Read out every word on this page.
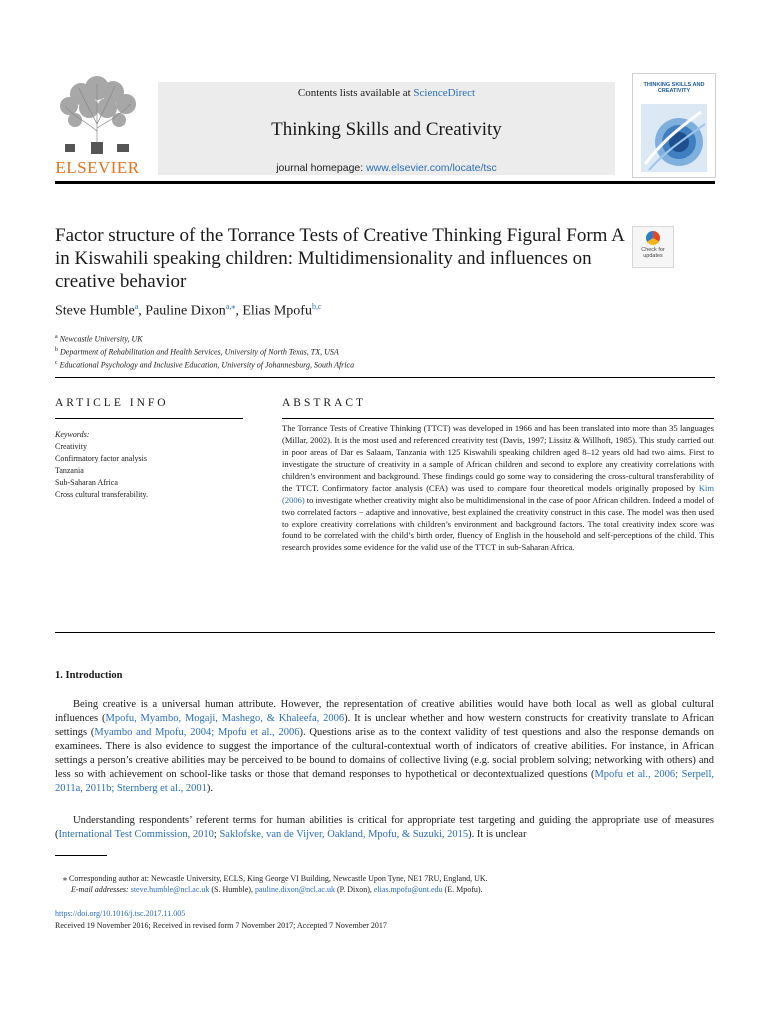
ELSEVIER
Contents lists available at ScienceDirect
Thinking Skills and Creativity
journal homepage: www.elsevier.com/locate/tsc
THINKING SKILLS AND CREATIVITY
Factor structure of the Torrance Tests of Creative Thinking Figural Form A in Kiswahili speaking children: Multidimensionality and influences on creative behavior
Check for updates
Steve Humble$^a$, Pauline Dixon$^{a,⁎}$, Elias Mpofu$^{b,c}$
$^a$ Newcastle University, UK
$^b$ Department of Rehabilitation and Health Services, University of North Texas, TX, USA
$^c$ Educational Psychology and Inclusive Education, University of Johannesburg, South Africa
ARTICLE INFO
Keywords:
Creativity
Confirmatory factor analysis
Tanzania
Sub-Saharan Africa
Cross cultural transferability.
ABSTRACT
The Torrance Tests of Creative Thinking (TTCT) was developed in 1966 and has been translated into more than 35 languages (Millar, 2002). It is the most used and referenced creativity test (Davis, 1997; Lissitz & Willhoft, 1985). This study carried out in poor areas of Dar es Salaam, Tanzania with 125 Kiswahili speaking children aged 8–12 years old had two aims. First to investigate the structure of creativity in a sample of African children and second to explore any creativity correlations with children’s environment and background. These findings could go some way to considering the cross-cultural transferability of the TTCT. Confirmatory factor analysis (CFA) was used to compare four theoretical models originally proposed by Kim (2006) to investigate whether creativity might also be multidimensional in the case of poor African children. Indeed a model of two correlated factors − adaptive and innovative, best explained the creativity construct in this case. The model was then used to explore creativity correlations with children’s environment and background factors. The total creativity index score was found to be correlated with the child’s birth order, fluency of English in the household and self-perceptions of the child. This research provides some evidence for the valid use of the TTCT in sub-Saharan Africa.
1. Introduction
Being creative is a universal human attribute. However, the representation of creative abilities would have both local as well as global cultural influences (Mpofu, Myambo, Mogaji, Mashego, & Khaleefa, 2006). It is unclear whether and how western constructs for creativity translate to African settings (Myambo and Mpofu, 2004; Mpofu et al., 2006). Questions arise as to the context validity of test questions and also the response demands on examinees. There is also evidence to suggest the importance of the cultural-contextual worth of indicators of creative abilities. For instance, in African settings a person’s creative abilities may be perceived to be bound to domains of collective living (e.g. social problem solving; networking with others) and less so with achievement on school-like tasks or those that demand responses to hypothetical or decontextualized questions (Mpofu et al., 2006; Serpell, 2011a, 2011b; Sternberg et al., 2001).
Understanding respondents’ referent terms for human abilities is critical for appropriate test targeting and guiding the appropriate use of measures (International Test Commission, 2010; Saklofske, van de Vijver, Oakland, Mpofu, & Suzuki, 2015). It is unclear
⁎ Corresponding author at: Newcastle University, ECLS, King George VI Building, Newcastle Upon Tyne, NE1 7RU, England, UK.
E-mail addresses: steve.humble@ncl.ac.uk (S. Humble), pauline.dixon@ncl.ac.uk (P. Dixon), elias.mpofu@unt.edu (E. Mpofu).
https://doi.org/10.1016/j.tsc.2017.11.005
Received 19 November 2016; Received in revised form 7 November 2017; Accepted 7 November 2017
